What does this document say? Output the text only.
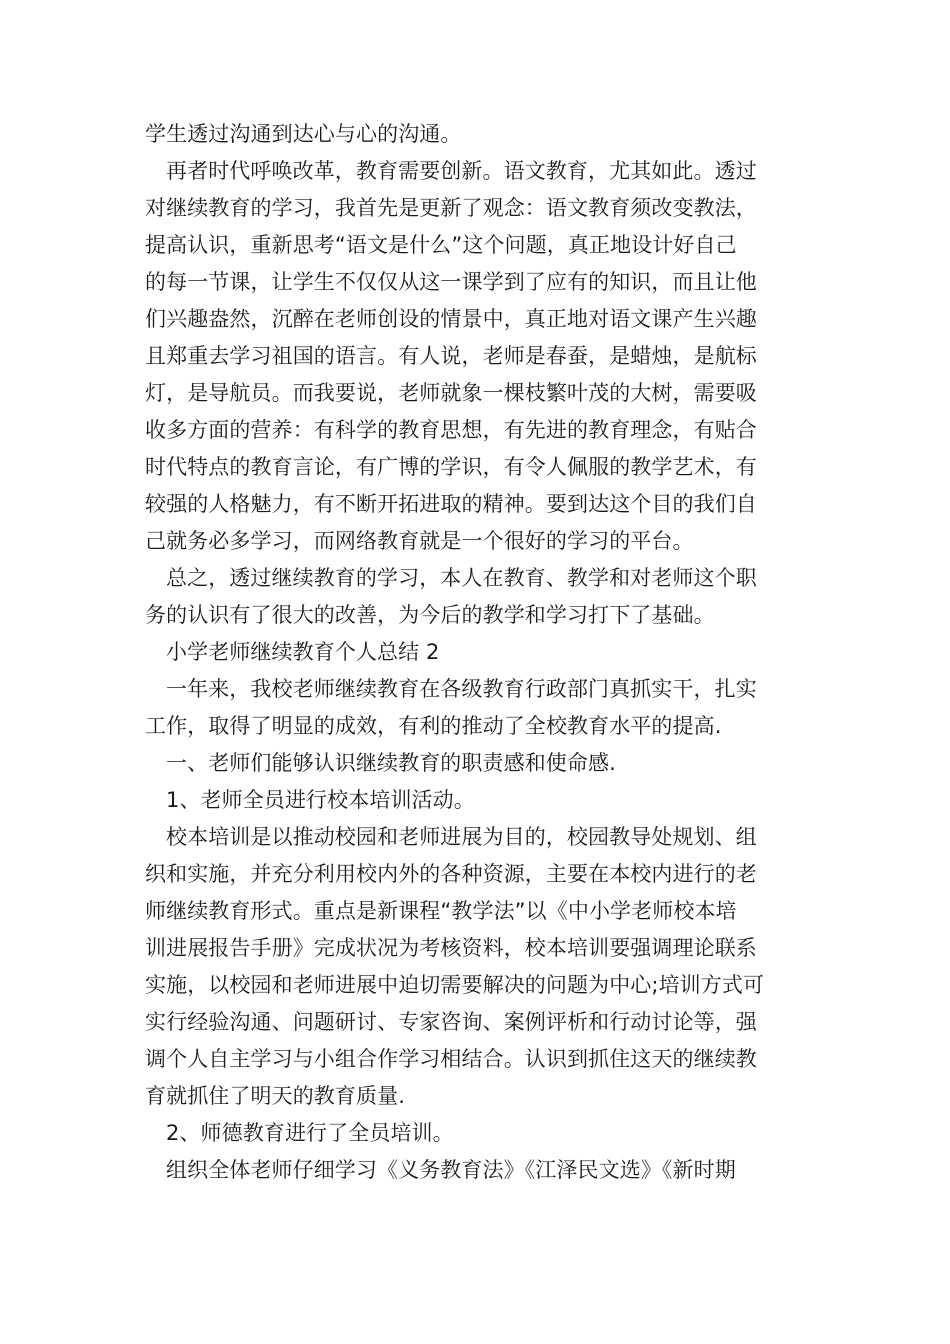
学生透过沟通到达心与心的沟通。
再者时代呼唤改革，教育需要创新。语文教育，尤其如此。透过
对继续教育的学习，我首先是更新了观念：语文教育须改变教法，
提高认识，重新思考“语文是什么”这个问题，真正地设计好自己
的每一节课，让学生不仅仅从这一课学到了应有的知识，而且让他
们兴趣盎然，沉醉在老师创设的情景中，真正地对语文课产生兴趣
且郑重去学习祖国的语言。有人说，老师是春蚕，是蜡烛，是航标
灯，是导航员。而我要说，老师就象一棵枝繁叶茂的大树，需要吸
收多方面的营养：有科学的教育思想，有先进的教育理念，有贴合
时代特点的教育言论，有广博的学识，有令人佩服的教学艺术，有
较强的人格魅力，有不断开拓进取的精神。要到达这个目的我们自
己就务必多学习，而网络教育就是一个很好的学习的平台。
总之，透过继续教育的学习，本人在教育、教学和对老师这个职
务的认识有了很大的改善，为今后的教学和学习打下了基础。
小学老师继续教育个人总结 2
一年来，我校老师继续教育在各级教育行政部门真抓实干，扎实
工作，取得了明显的成效，有利的推动了全校教育水平的提高.
一、老师们能够认识继续教育的职责感和使命感.
1、老师全员进行校本培训活动。
校本培训是以推动校园和老师进展为目的，校园教导处规划、组
织和实施，并充分利用校内外的各种资源，主要在本校内进行的老
师继续教育形式。重点是新课程“教学法”以《中小学老师校本培
训进展报告手册》完成状况为考核资料，校本培训要强调理论联系
实施，以校园和老师进展中迫切需要解决的问题为中心;培训方式可
实行经验沟通、问题研讨、专家咨询、案例评析和行动讨论等，强
调个人自主学习与小组合作学习相结合。认识到抓住这天的继续教
育就抓住了明天的教育质量.
2、师德教育进行了全员培训。
组织全体老师仔细学习《义务教育法》《江泽民文选》《新时期
